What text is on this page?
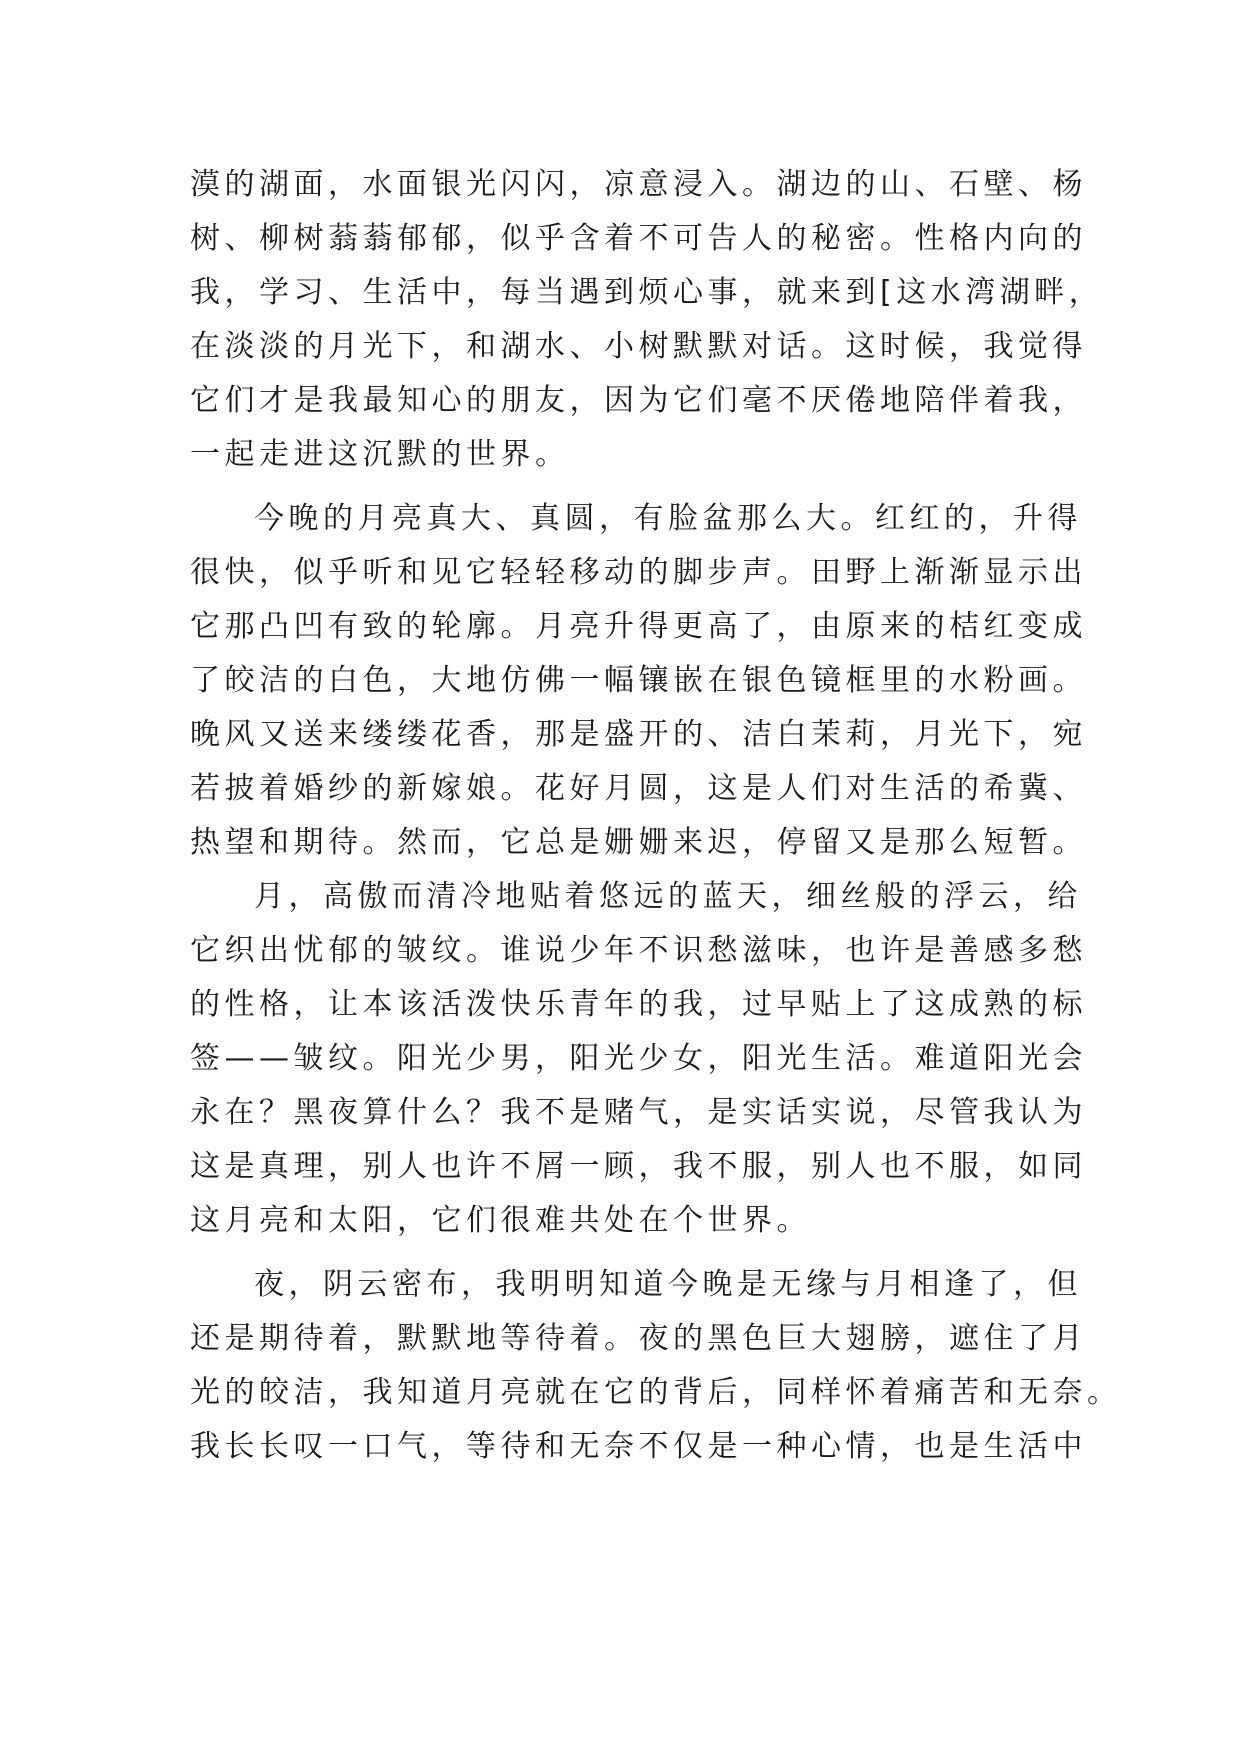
漠的湖面，水面银光闪闪，凉意浸入。湖边的山、石壁、杨
树、柳树蓊蓊郁郁，似乎含着不可告人的秘密。性格内向的
我，学习、生活中，每当遇到烦心事，就来到[这水湾湖畔，
在淡淡的月光下，和湖水、小树默默对话。这时候，我觉得
它们才是我最知心的朋友，因为它们毫不厌倦地陪伴着我，
一起走进这沉默的世界。
今晚的月亮真大、真圆，有脸盆那么大。红红的，升得
很快，似乎听和见它轻轻移动的脚步声。田野上渐渐显示出
它那凸凹有致的轮廓。月亮升得更高了，由原来的桔红变成
了皎洁的白色，大地仿佛一幅镶嵌在银色镜框里的水粉画。
晚风又送来缕缕花香，那是盛开的、洁白茉莉，月光下，宛
若披着婚纱的新嫁娘。花好月圆，这是人们对生活的希冀、
热望和期待。然而，它总是姗姗来迟，停留又是那么短暂。
月，高傲而清冷地贴着悠远的蓝天，细丝般的浮云，给
它织出忧郁的皱纹。谁说少年不识愁滋味，也许是善感多愁
的性格，让本该活泼快乐青年的我，过早贴上了这成熟的标
签——皱纹。阳光少男，阳光少女，阳光生活。难道阳光会
永在？黑夜算什么？我不是赌气，是实话实说，尽管我认为
这是真理，别人也许不屑一顾，我不服，别人也不服，如同
这月亮和太阳，它们很难共处在个世界。
夜，阴云密布，我明明知道今晚是无缘与月相逢了，但
还是期待着，默默地等待着。夜的黑色巨大翅膀，遮住了月
光的皎洁，我知道月亮就在它的背后，同样怀着痛苦和无奈。
我长长叹一口气，等待和无奈不仅是一种心情，也是生活中
